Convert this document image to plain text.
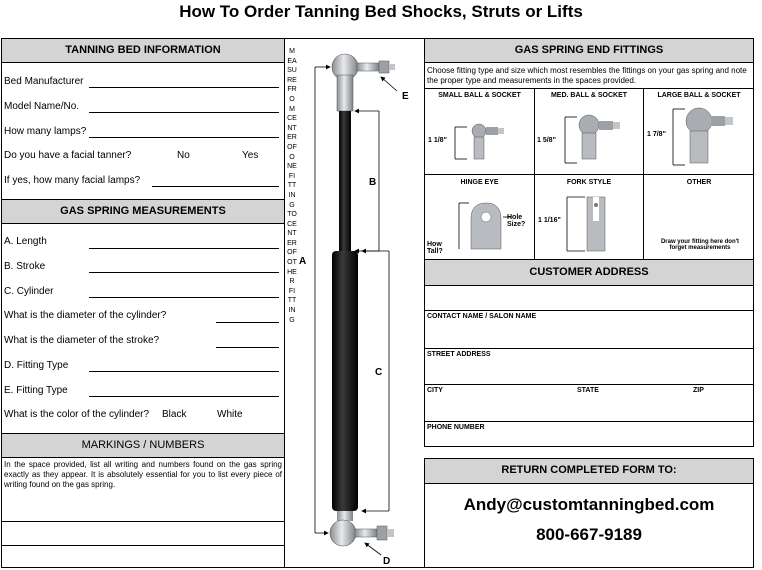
How To Order Tanning Bed Shocks, Struts or Lifts
TANNING BED INFORMATION
Bed Manufacturer
Model Name/No.
How many lamps?
Do you have a facial tanner?	No	Yes
If yes, how many facial lamps?
GAS SPRING MEASUREMENTS
A. Length
B. Stroke
C. Cylinder
What is the diameter of the cylinder?
What is the diameter of the stroke?
D. Fitting Type
E. Fitting Type
What is the color of the cylinder? Black	White
MARKINGS / NUMBERS
In the space provided, list all writing and numbers found on the gas spring exactly as they appear. It is absolutely essential for you to list every piece of writing found on the gas spring.
MEASURE FROM CENTER OF ONE FITTING TO CENTER OF OTHER FITTING
A
B
C
E
D
GAS SPRING END FITTINGS
Choose fitting type and size which most resembles the fittings on your gas spring and note the proper type and measurements in the spaces provided.
SMALL BALL & SOCKET
1 1/8"
MED. BALL & SOCKET
1 5/8"
LARGE BALL & SOCKET
1 7/8"
HINGE EYE
Hole Size?
How Tall?
FORK STYLE
1 1/16"
OTHER
Draw your fitting here don't forget measurements
CUSTOMER ADDRESS
CONTACT NAME / SALON NAME
STREET ADDRESS
CITY	STATE	ZIP
PHONE NUMBER
RETURN COMPLETED FORM TO:
Andy@customtanningbed.com
800-667-9189
